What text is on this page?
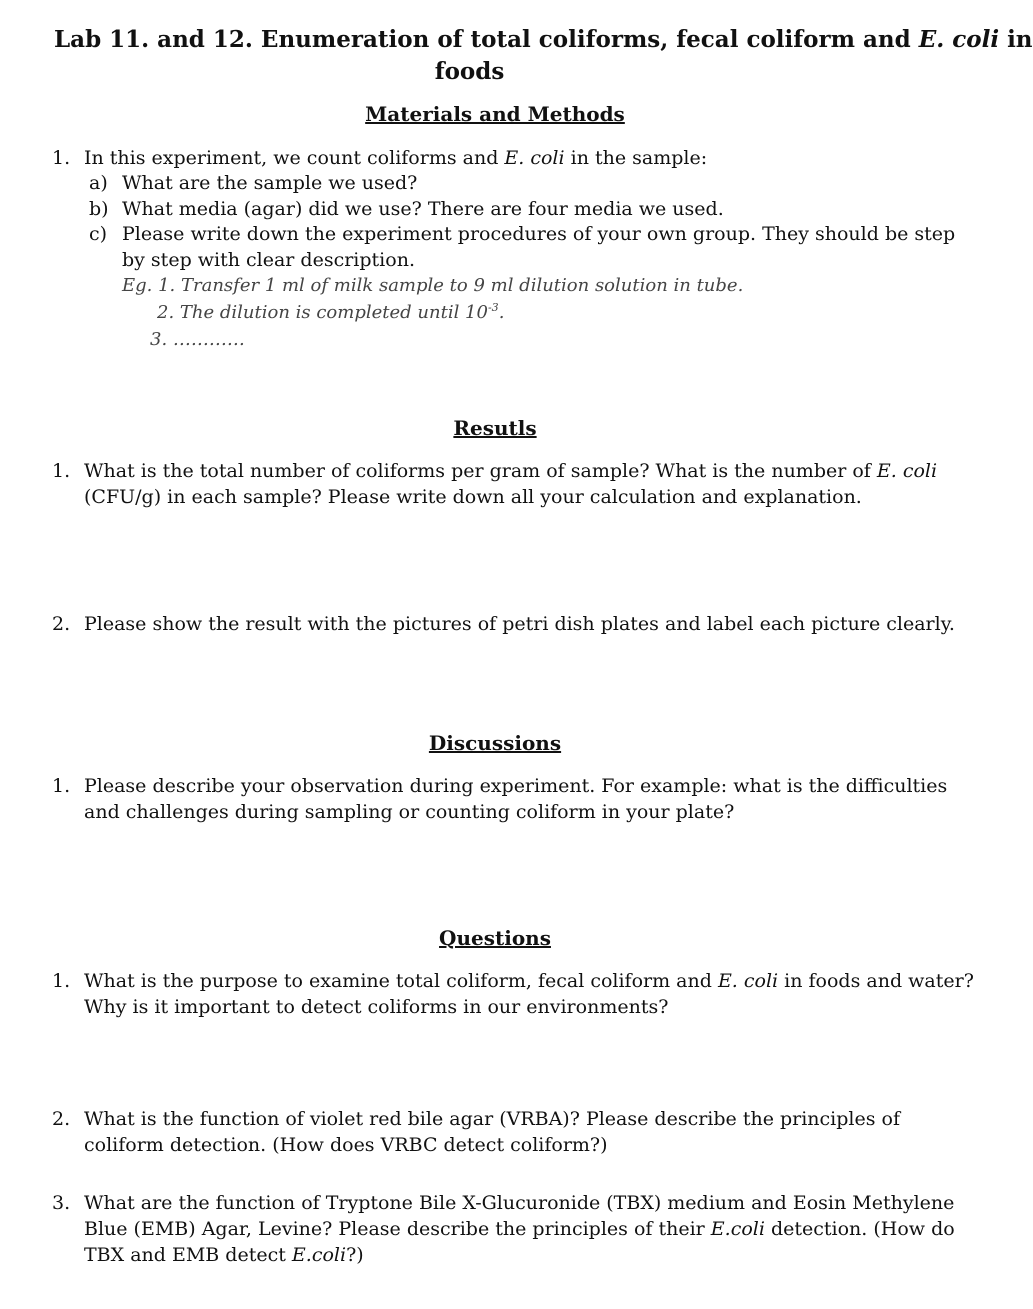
Lab 11. and 12. Enumeration of total coliforms, fecal coliform and E. coli in
foods
Materials and Methods
1. In this experiment, we count coliforms and E. coli in the sample:
a) What are the sample we used?
b) What media (agar) did we use? There are four media we used.
c) Please write down the experiment procedures of your own group. They should be step
by step with clear description.
Eg. 1. Transfer 1 ml of milk sample to 9 ml dilution solution in tube.
2. The dilution is completed until $10^{-3}$.
3. …………
Resutls
1. What is the total number of coliforms per gram of sample? What is the number of E. coli
(CFU/g) in each sample? Please write down all your calculation and explanation.
2. Please show the result with the pictures of petri dish plates and label each picture clearly.
Discussions
1. Please describe your observation during experiment. For example: what is the difficulties
and challenges during sampling or counting coliform in your plate?
Questions
1. What is the purpose to examine total coliform, fecal coliform and E. coli in foods and water?
Why is it important to detect coliforms in our environments?
2. What is the function of violet red bile agar (VRBA)? Please describe the principles of
coliform detection. (How does VRBC detect coliform?)
3. What are the function of Tryptone Bile X-Glucuronide (TBX) medium and Eosin Methylene
Blue (EMB) Agar, Levine? Please describe the principles of their E.coli detection. (How do
TBX and EMB detect E.coli?)
